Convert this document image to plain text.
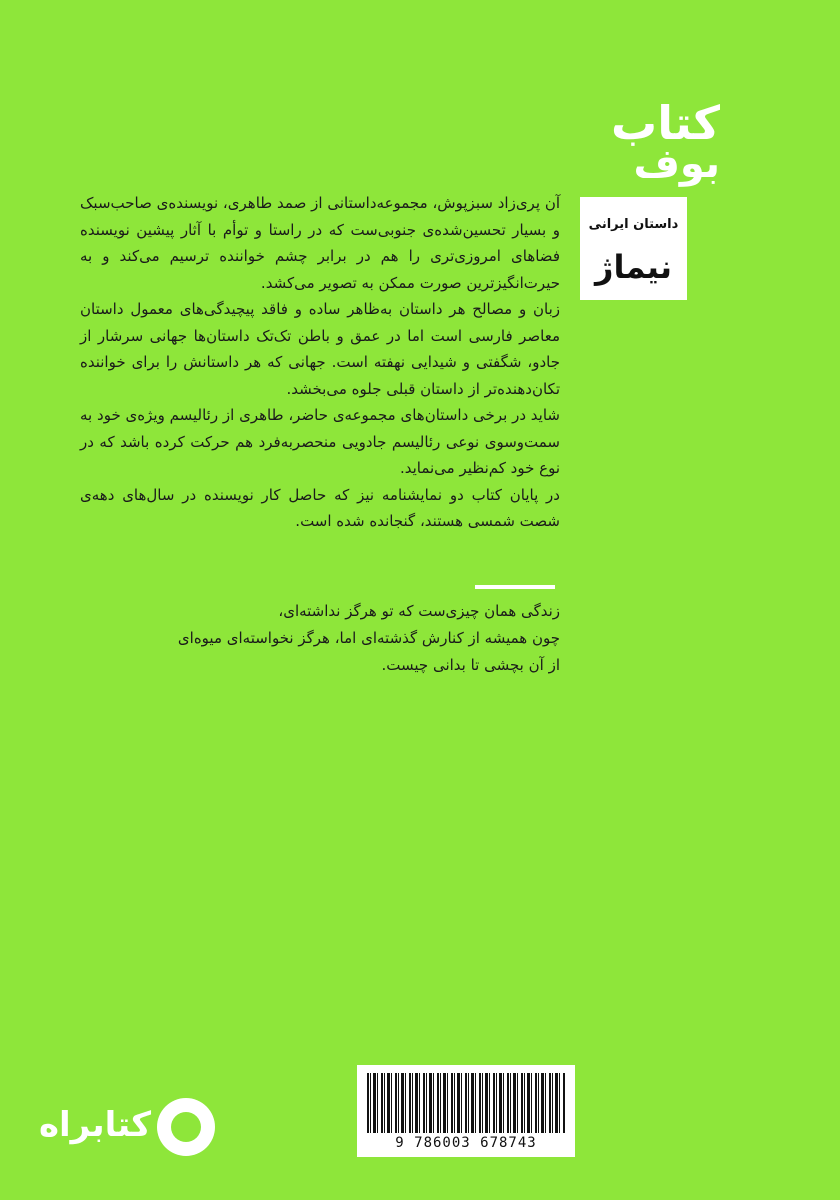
کتاب
بوف
داستان ایرانی
نیماژ

آن پری‌زاد سبزپوش، مجموعه‌داستانی از صمد طاهری، نویسنده‌ی صاحب‌سبک و بسیار تحسین‌شده‌ی جنوبی‌ست که در راستا و توأم با آثار پیشین نویسنده فضاهای امروزی‌تری را هم در برابر چشم خواننده ترسیم می‌کند و به حیرت‌انگیزترین صورت ممکن به تصویر می‌کشد.

زبان و مصالح هر داستان به‌ظاهر ساده و فاقد پیچیدگی‌های معمول داستان معاصر فارسی است اما در عمق و باطن تک‌تک داستان‌ها جهانی سرشار از جادو، شگفتی و شیدایی نهفته است. جهانی که هر داستانش را برای خواننده تکان‌دهنده‌تر از داستان قبلی جلوه می‌بخشد.

شاید در برخی داستان‌های مجموعه‌ی حاضر، طاهری از رئالیسم ویژه‌ی خود به سمت‌وسوی نوعی رئالیسم جادویی منحصربه‌فرد هم حرکت کرده باشد که در نوع خود کم‌نظیر می‌نماید.

در پایان کتاب دو نمایشنامه نیز که حاصل کار نویسنده در سال‌های دهه‌ی شصت شمسی هستند، گنجانده شده است.

زندگی همان چیزی‌ست که تو هرگز نداشته‌ای،

چون همیشه از کنارش گذشته‌ای اما، هرگز نخواسته‌ای میوه‌ای

از آن بچشی تا بدانی چیست.

9 786003 678743
کتابراه
